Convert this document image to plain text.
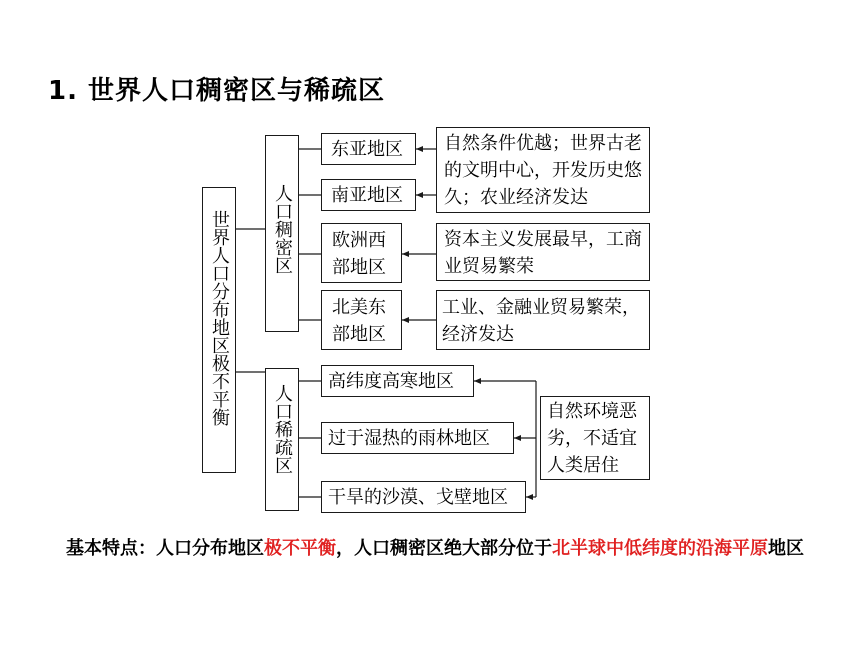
1. 世界人口稠密区与稀疏区
世界人口分布地区极不平衡 人口稠密区
人口稀疏区
东亚地区
南亚地区
欧洲西部地区
北美东部地区
自然条件优越；世界古老的文明中心，开发历史悠久；农业经济发达
资本主义发展最早，工商业贸易繁荣
工业、金融业贸易繁荣，经济发达
高纬度高寒地区
过于湿热的雨林地区
干旱的沙漠、戈壁地区
自然环境恶劣，不适宜人类居住
基本特点：人口分布地区极不平衡，人口稠密区绝大部分位于北半球中低纬度的沿海平原地区
